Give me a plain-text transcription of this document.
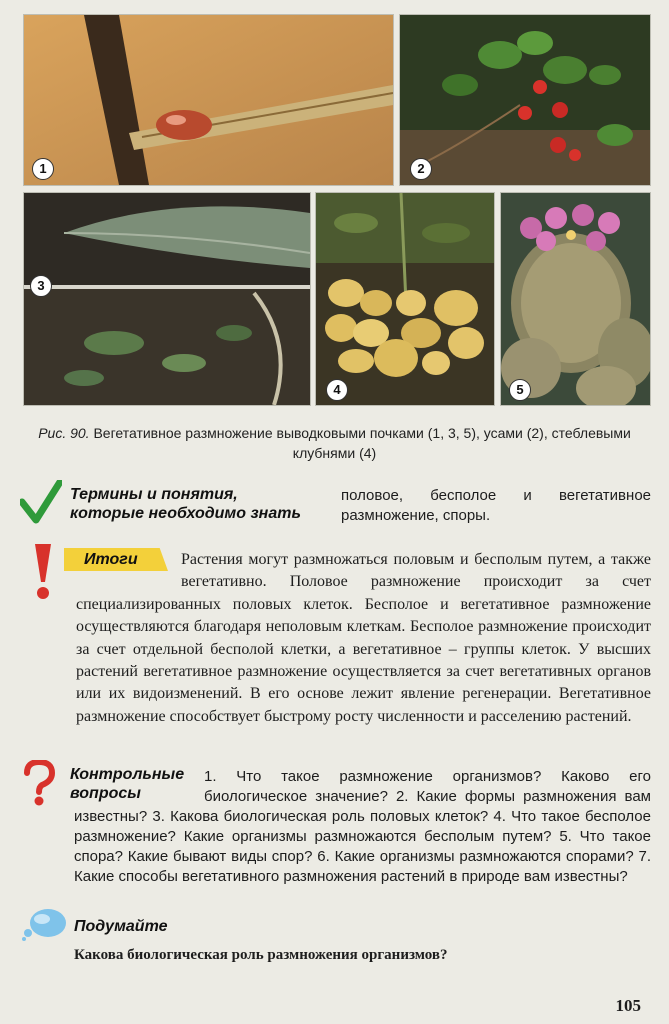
1	2
3
4	5
Рис. 90. Вегетативное размножение выводковыми почками (1, 3, 5), усами (2), стеблевыми клубнями (4)
Термины и понятия,
которые необходимо знать
половое, бесполое и вегетативное размножение, споры.
Итоги	Растения могут размножаться половым и бесполым путем, а также вегетативно. Половое размножение происходит за счет специализированных половых клеток. Бесполое и вегетативное размножение осуществляются благодаря неполовым клеткам. Бесполое размножение происходит за счет отдельной бесполой клетки, а вегетативное – группы клеток. У высших растений вегетативное размножение осуществляется за счет вегетативных органов или их видоизменений. В его основе лежит явление регенерации. Вегетативное размножение способствует быстрому росту численности и расселению растений.
Контрольные
вопросы
1. Что такое размножение организмов? Каково его биологическое значение? 2. Какие формы размножения вам известны? 3. Какова биологическая роль половых клеток? 4. Что такое бесполое размножение? Какие организмы размножаются бесполым путем? 5. Что такое спора? Какие бывают виды спор? 6. Какие организмы размножаются спорами? 7. Какие способы вегетативного размножения растений в природе вам известны?
Подумайте
Какова биологическая роль размножения организмов?
105
